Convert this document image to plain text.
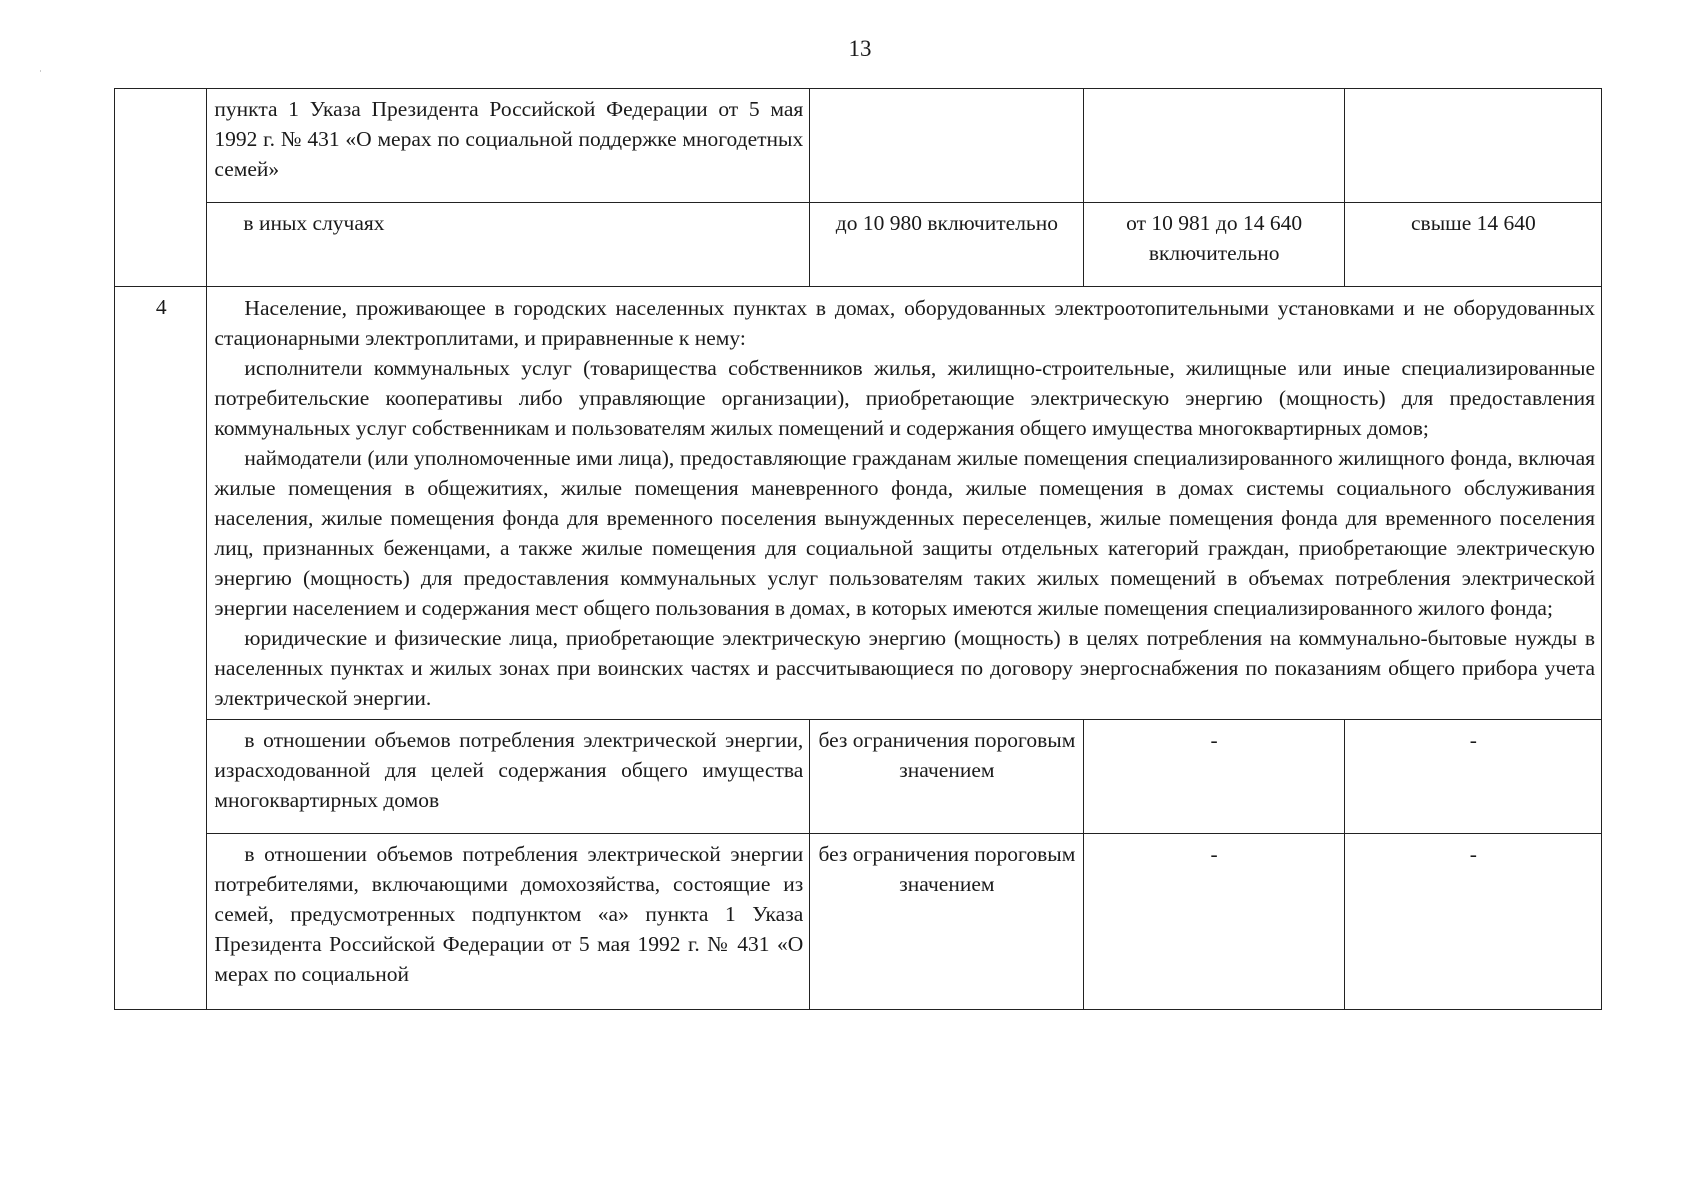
13
	пункта 1 Указа Президента Российской Федерации от 5 мая 1992 г. № 431 «О мерах по социальной поддержке многодетных семей»			
	в иных случаях	до 10 980 включительно	от 10 981 до 14 640 включительно	свыше 14 640
4	Население, проживающее в городских населенных пунктах в домах, оборудованных электроотопительными установками и не оборудованных стационарными электроплитами, и приравненные к нему:

исполнители коммунальных услуг (товарищества собственников жилья, жилищно-строительные, жилищные или иные специализированные потребительские кооперативы либо управляющие организации), приобретающие электрическую энергию (мощность) для предоставления коммунальных услуг собственникам и пользователям жилых помещений и содержания общего имущества многоквартирных домов;

наймодатели (или уполномоченные ими лица), предоставляющие гражданам жилые помещения специализированного жилищного фонда, включая жилые помещения в общежитиях, жилые помещения маневренного фонда, жилые помещения в домах системы социального обслуживания населения, жилые помещения фонда для временного поселения вынужденных переселенцев, жилые помещения фонда для временного поселения лиц, признанных беженцами, а также жилые помещения для социальной защиты отдельных категорий граждан, приобретающие электрическую энергию (мощность) для предоставления коммунальных услуг пользователям таких жилых помещений в объемах потребления электрической энергии населением и содержания мест общего пользования в домах, в которых имеются жилые помещения специализированного жилого фонда;

юридические и физические лица, приобретающие электрическую энергию (мощность) в целях потребления на коммунально-бытовые нужды в населенных пунктах и жилых зонах при воинских частях и рассчитывающиеся по договору энергоснабжения по показаниям общего прибора учета электрической энергии.			

	в отношении объемов потребления электрической энергии, израсходованной для целей содержания общего имущества многоквартирных домов	без ограничения пороговым значением	-	-
	в отношении объемов потребления электрической энергии потребителями, включающими домохозяйства, состоящие из семей, предусмотренных подпунктом «а» пункта 1 Указа Президента Российской Федерации от 5 мая 1992 г. № 431 «О мерах по социальной	без ограничения пороговым значением	-	-
